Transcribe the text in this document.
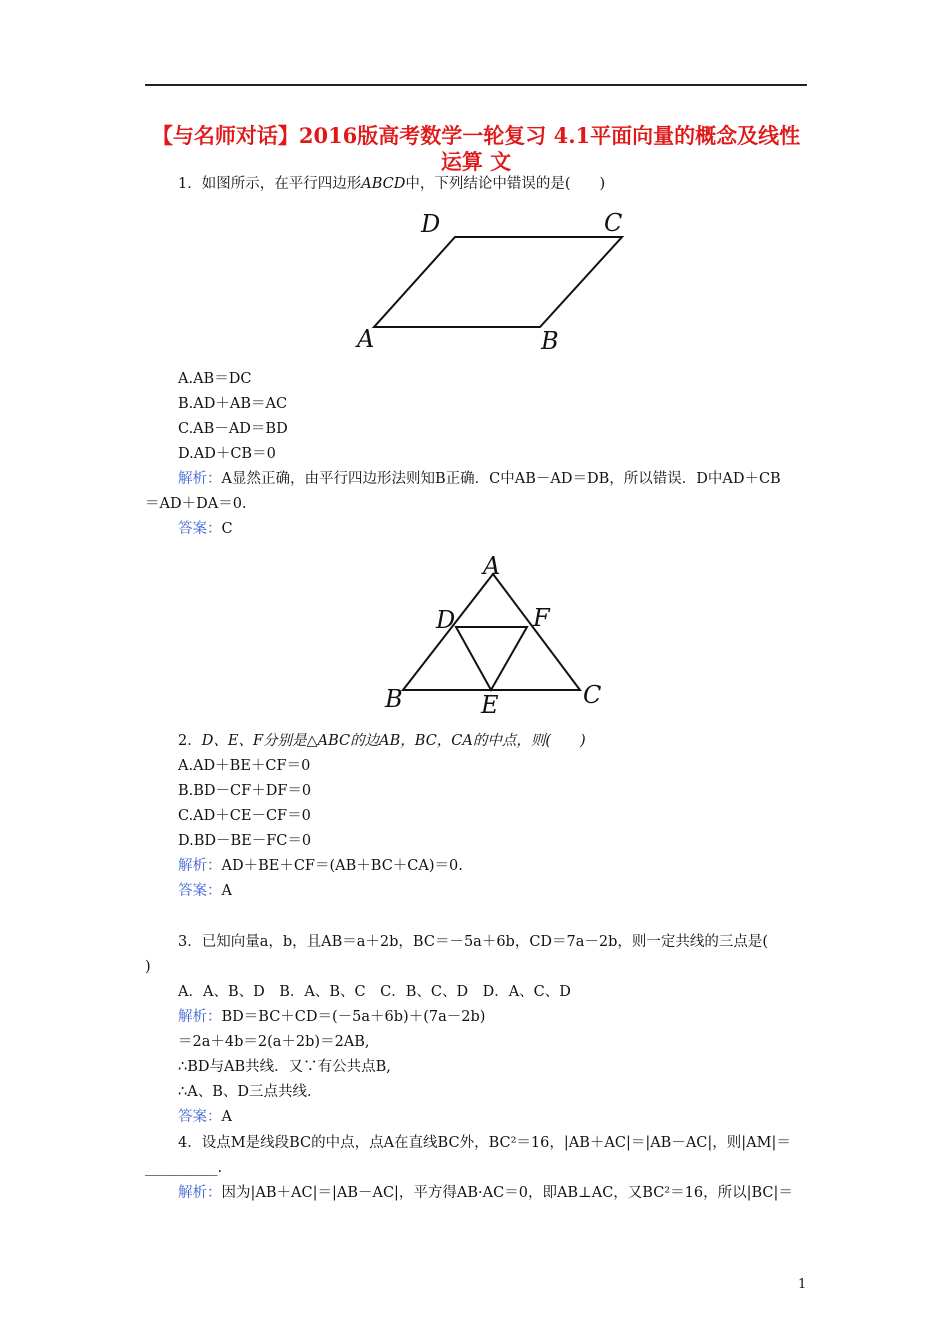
【与名师对话】2016版高考数学一轮复习 4.1平面向量的概念及线性
运算 文
1．如图所示，在平行四边形ABCD中，下列结论中错误的是(　　)
D	C
A	B
A.AB＝DC
B.AD＋AB＝AC
C.AB－AD＝BD
D.AD＋CB＝0
解析：A显然正确，由平行四边形法则知B正确．C中AB－AD＝DB，所以错误．D中AD＋CB
＝AD＋DA＝0.
答案：C
A
D	F
B	E	C
2．D、E、F分别是△ABC的边AB，BC，CA的中点，则(　　)
A.AD＋BE＋CF＝0
B.BD－CF＋DF＝0
C.AD＋CE－CF＝0
D.BD－BE－FC＝0
解析：AD＋BE＋CF＝(AB＋BC＋CA)＝0.
答案：A
3．已知向量a，b，且AB＝a＋2b，BC＝－5a＋6b，CD＝7a－2b，则一定共线的三点是(
)
A．A、B、D　B．A、B、C　C．B、C、D　D．A、C、D
解析：BD＝BC＋CD＝(－5a＋6b)＋(7a－2b)
＝2a＋4b＝2(a＋2b)＝2AB,
∴BD与AB共线．又∵有公共点B,
∴A、B、D三点共线．
答案：A
4．设点M是线段BC的中点，点A在直线BC外，BC²＝16，|AB＋AC|＝|AB－AC|，则|AM|＝
__________.
解析：因为|AB＋AC|＝|AB－AC|，平方得AB·AC＝0，即AB⊥AC，又BC²＝16，所以|BC|＝
1
